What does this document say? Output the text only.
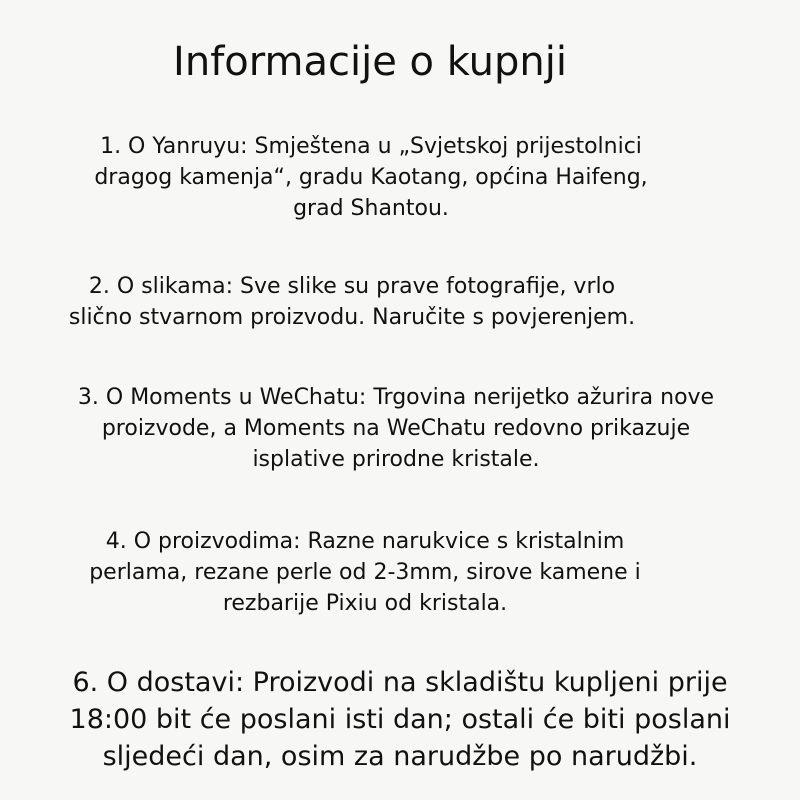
Informacije o kupnji

1. O Yanruyu: Smještena u „Svjetskoj prijestolnici
dragog kamenja“, gradu Kaotang, općina Haifeng,
grad Shantou.

2. O slikama: Sve slike su prave fotografije, vrlo
slično stvarnom proizvodu. Naručite s povjerenjem.

3. O Moments u WeChatu: Trgovina nerijetko ažurira nove
proizvode, a Moments na WeChatu redovno prikazuje
isplative prirodne kristale.

4. O proizvodima: Razne narukvice s kristalnim
perlama, rezane perle od 2-3mm, sirove kamene i
rezbarije Pixiu od kristala.

6. O dostavi: Proizvodi na skladištu kupljeni prije
18:00 bit će poslani isti dan; ostali će biti poslani
sljedeći dan, osim za narudžbe po narudžbi.
